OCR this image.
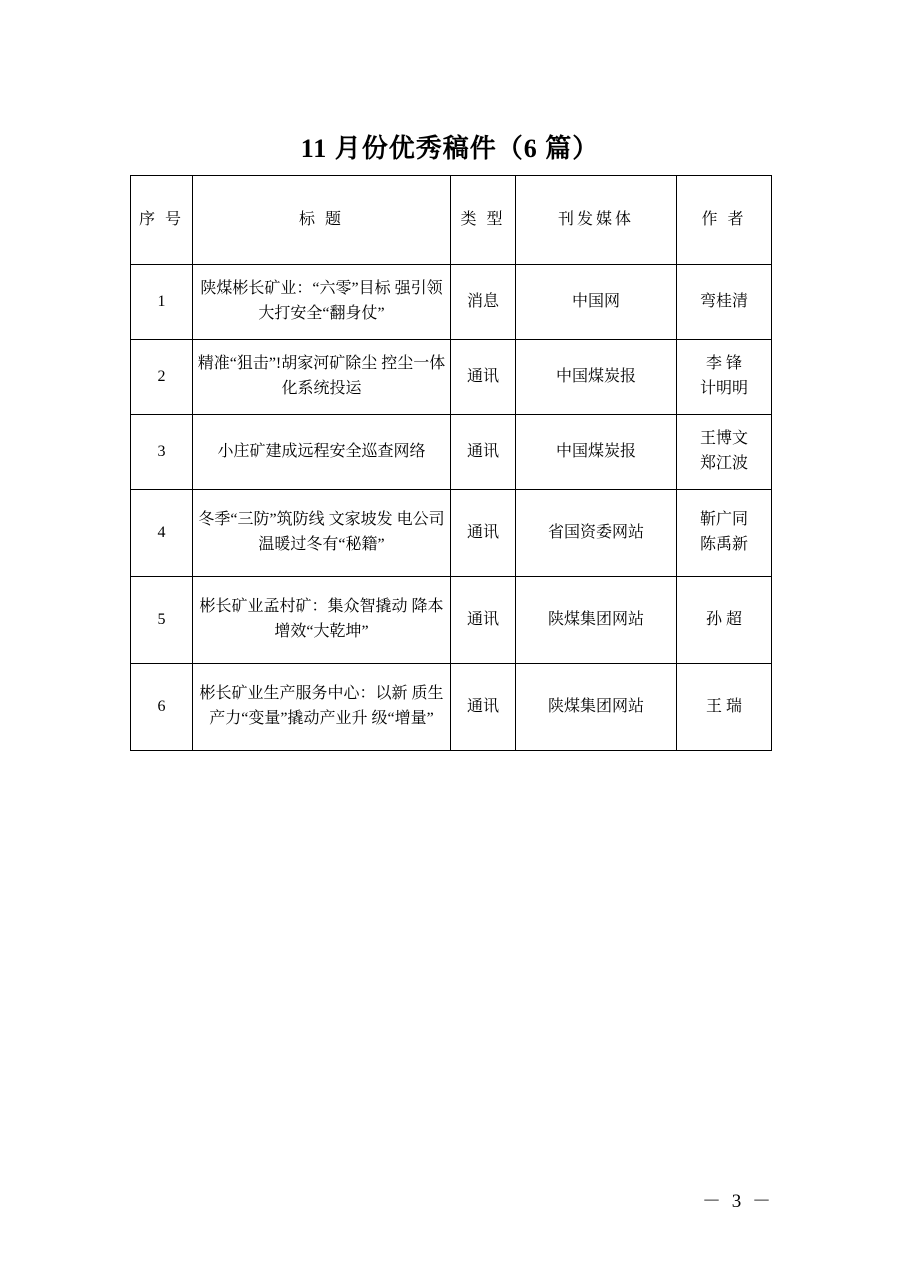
11 月份优秀稿件（6 篇）
序 号	标 题	类 型	刊发媒体	作 者
1	陕煤彬长矿业：“六零”目标 强引领 大打安全“翻身仗”	消息	中国网	弯桂清

2	精准“狙击”!胡家河矿除尘 控尘一体化系统投运	通讯	中国煤炭报	李 锋
计明明

3	小庄矿建成远程安全巡查网络	通讯	中国煤炭报	王博文
郑江波

4	冬季“三防”筑防线 文家坡发 电公司温暖过冬有“秘籍”	通讯	省国资委网站	靳广同
陈禹新

5	彬长矿业孟村矿：集众智撬动 降本增效“大乾坤”	通讯	陕煤集团网站	孙 超

6	彬长矿业生产服务中心：以新 质生产力“变量”撬动产业升 级“增量”	通讯	陕煤集团网站	王 瑞
－ 3 －
